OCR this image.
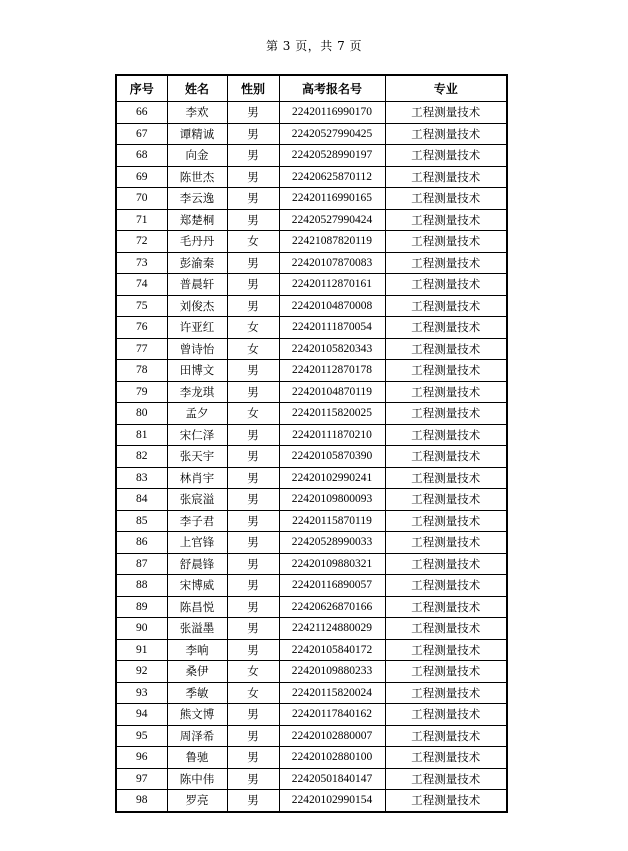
第 3 页，共 7 页
序号	姓名	性别	高考报名号	专业
66	李欢	男	22420116990170	工程测量技术
67	谭精诚	男	22420527990425	工程测量技术
68	向金	男	22420528990197	工程测量技术
69	陈世杰	男	22420625870112	工程测量技术
70	李云逸	男	22420116990165	工程测量技术
71	郑楚桐	男	22420527990424	工程测量技术
72	毛丹丹	女	22421087820119	工程测量技术
73	彭渝秦	男	22420107870083	工程测量技术
74	普晨轩	男	22420112870161	工程测量技术
75	刘俊杰	男	22420104870008	工程测量技术
76	许亚红	女	22420111870054	工程测量技术
77	曾诗怡	女	22420105820343	工程测量技术
78	田博文	男	22420112870178	工程测量技术
79	李龙琪	男	22420104870119	工程测量技术
80	孟夕	女	22420115820025	工程测量技术
81	宋仁泽	男	22420111870210	工程测量技术
82	张天宇	男	22420105870390	工程测量技术
83	林肖宇	男	22420102990241	工程测量技术
84	张宸溢	男	22420109800093	工程测量技术
85	李子君	男	22420115870119	工程测量技术
86	上官锋	男	22420528990033	工程测量技术
87	舒晨锋	男	22420109880321	工程测量技术
88	宋博威	男	22420116890057	工程测量技术
89	陈昌悦	男	22420626870166	工程测量技术
90	张溢墨	男	22421124880029	工程测量技术
91	李响	男	22420105840172	工程测量技术
92	桑伊	女	22420109880233	工程测量技术
93	季敏	女	22420115820024	工程测量技术
94	熊文博	男	22420117840162	工程测量技术
95	周泽希	男	22420102880007	工程测量技术
96	鲁驰	男	22420102880100	工程测量技术
97	陈中伟	男	22420501840147	工程测量技术
98	罗亮	男	22420102990154	工程测量技术
